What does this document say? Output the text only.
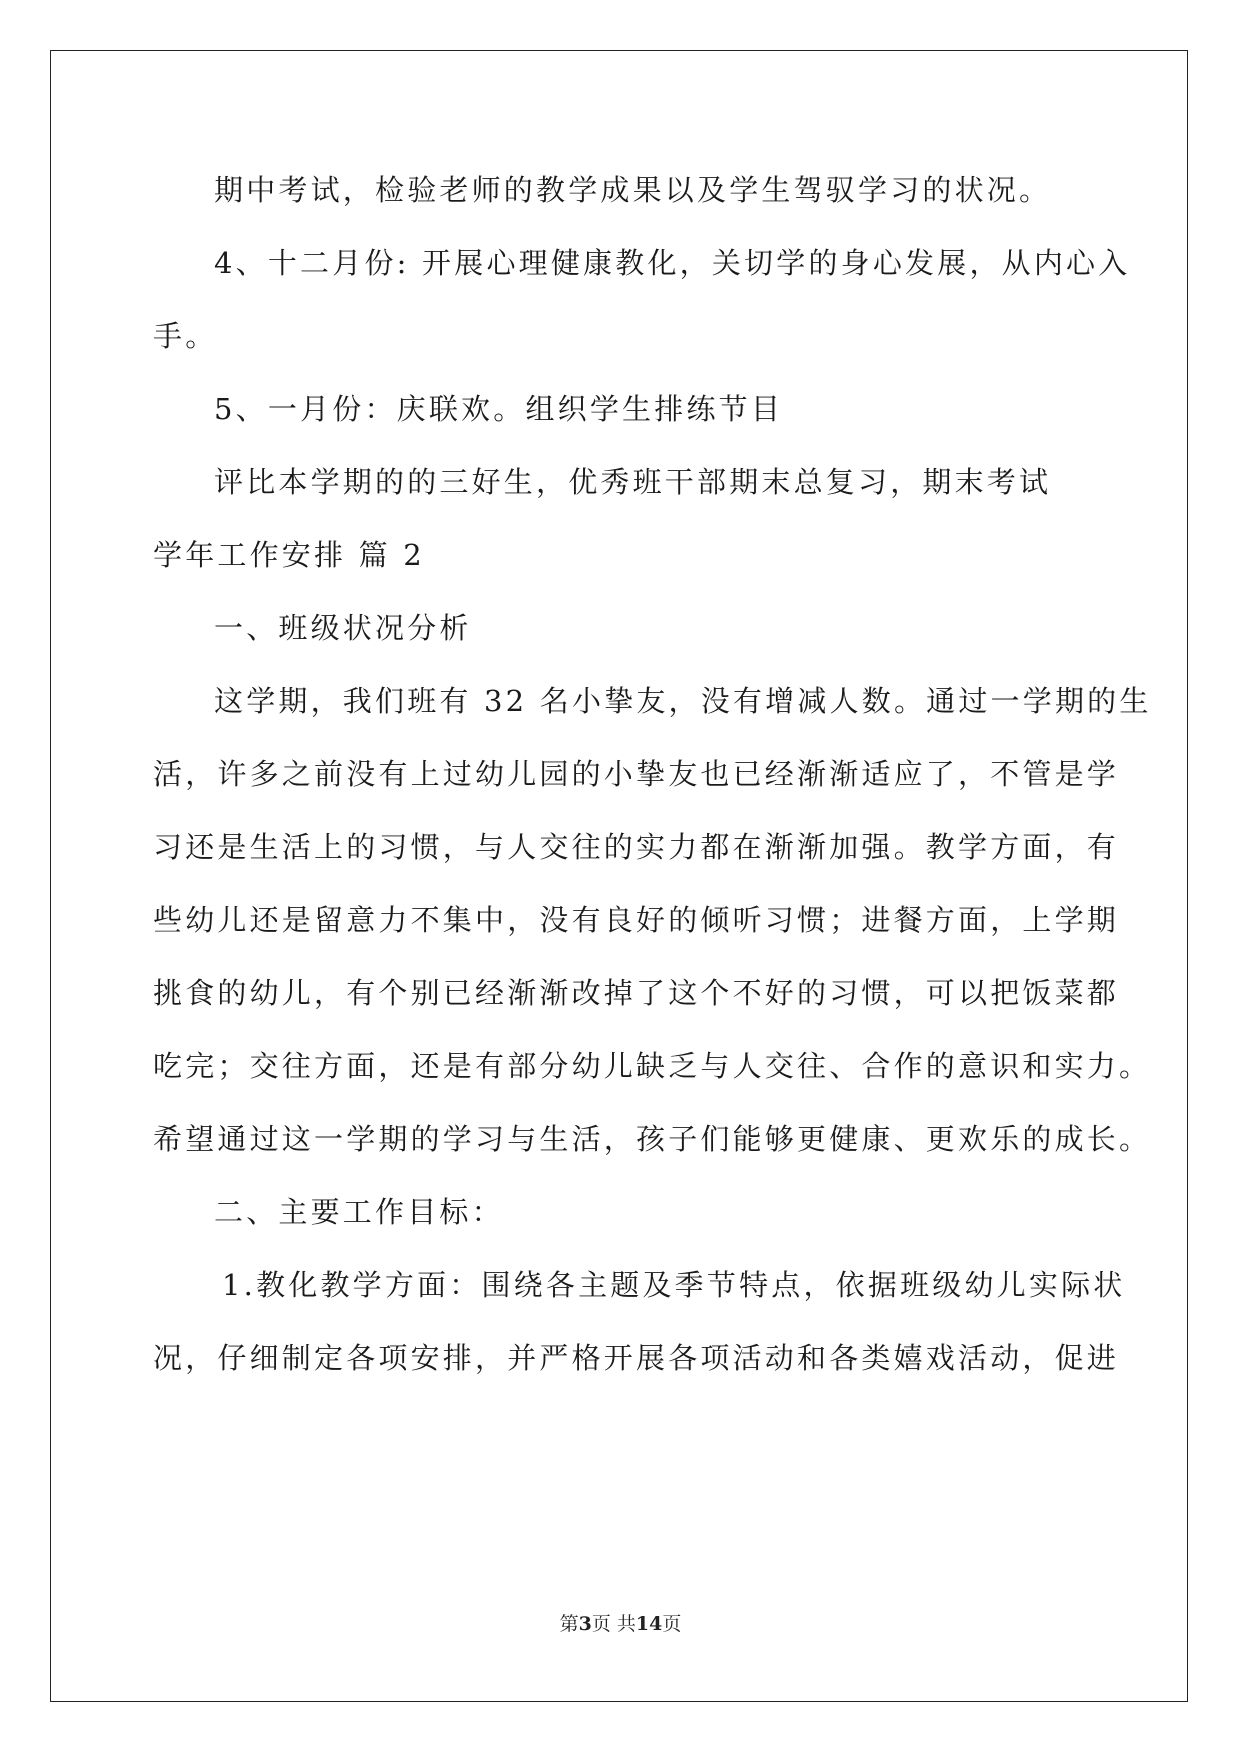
期中考试，检验老师的教学成果以及学生驾驭学习的状况。
4、十二月份: 开展心理健康教化，关切学的身心发展，从内心入
手。
5、一月份：庆联欢。组织学生排练节目
评比本学期的的三好生，优秀班干部期末总复习，期末考试
学年工作安排 篇 2
一、班级状况分析
这学期，我们班有 32 名小挚友，没有增减人数。通过一学期的生
活，许多之前没有上过幼儿园的小挚友也已经渐渐适应了，不管是学
习还是生活上的习惯，与人交往的实力都在渐渐加强。教学方面，有
些幼儿还是留意力不集中，没有良好的倾听习惯；进餐方面，上学期
挑食的幼儿，有个别已经渐渐改掉了这个不好的习惯，可以把饭菜都
吃完；交往方面，还是有部分幼儿缺乏与人交往、合作的意识和实力。
希望通过这一学期的学习与生活，孩子们能够更健康、更欢乐的成长。
二、主要工作目标：
1.教化教学方面：围绕各主题及季节特点，依据班级幼儿实际状
况，仔细制定各项安排，并严格开展各项活动和各类嬉戏活动，促进
第3页 共14页
